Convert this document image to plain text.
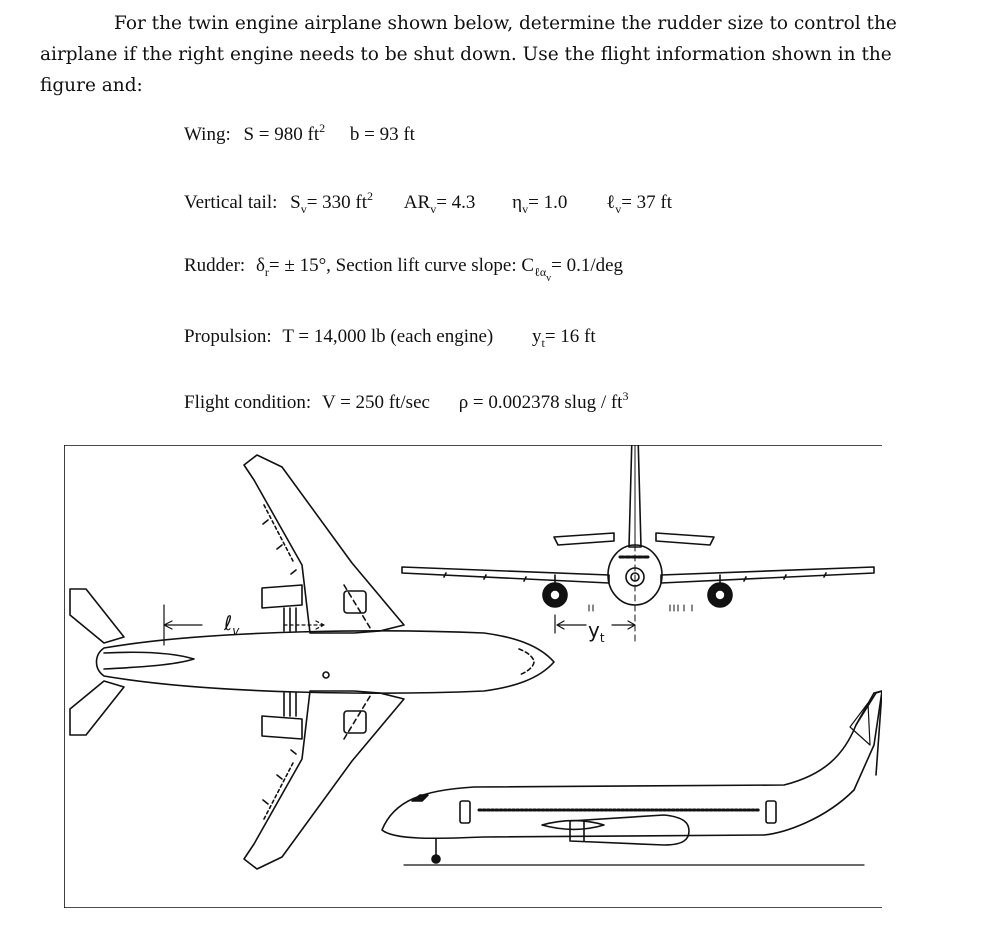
For the twin engine airplane shown below, determine the rudder size to control the
airplane if the right engine needs to be shut down. Use the flight information shown in the
figure and:
Wing: S = 980 ft2 b = 93 ft
Vertical tail: Sv= 330 ft2 ARv= 4.3 ηv= 1.0 ℓv= 37 ft
Rudder: δr= ± 15°, Section lift curve slope: Cℓαv= 0.1/deg
Propulsion: T = 14,000 lb (each engine) yt= 16 ft
Flight condition: V = 250 ft/sec ρ = 0.002378 slug / ft3
ℓ$_v$	$y_t$
